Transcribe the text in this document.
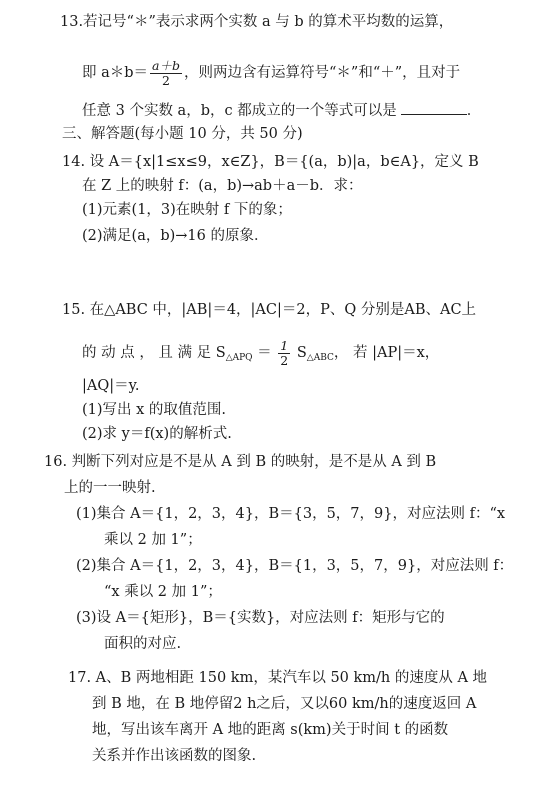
13.若记号“＊”表示求两个实数 a 与 b 的算术平均数的运算，
即 a＊b＝ $\frac{a+b}{2}$ ，则两边含有运算符号“＊”和“＋”，且对于
任意 3 个实数 a，b，c 都成立的一个等式可以是	．
三、解答题(每小题 10 分，共 50 分)
14. 设 A＝{x|1≤x≤9，x∈Z}，B＝{(a，b)|a，b∈A}，定义 B
在 Z 上的映射 f：(a，b)→ab＋a－b．求：
(1)元素(1，3)在映射 f 下的象；
(2)满足(a，b)→16 的原象．
15. 在△ABC 中，|AB|＝4，|AC|＝2，P、Q 分别是AB、AC上
的 动 点 ， 且 满 足 $S_{\triangle APQ} = \frac{1}{2} S_{\triangle ABC}$， 若 |AP|＝x，
|AQ|＝y.
(1)写出 x 的取值范围.
(2)求 y＝f(x)的解析式.
16. 判断下列对应是不是从 A 到 B 的映射，是不是从 A 到 B
上的一一映射.
(1)集合 A＝{1，2，3，4}，B＝{3，5，7，9}，对应法则 f：“x
乘以 2 加 1”；
(2)集合 A＝{1，2，3，4}，B＝{1，3，5，7，9}，对应法则 f：
“x 乘以 2 加 1”；
(3)设 A＝{矩形}，B＝{实数}，对应法则 f：矩形与它的
面积的对应.
17. A、B 两地相距 150 km，某汽车以 50 km/h 的速度从 A 地
到 B 地，在 B 地停留2 h之后，又以60 km/h的速度返回 A
地，写出该车离开 A 地的距离 s(km)关于时间 t 的函数
关系并作出该函数的图象.
